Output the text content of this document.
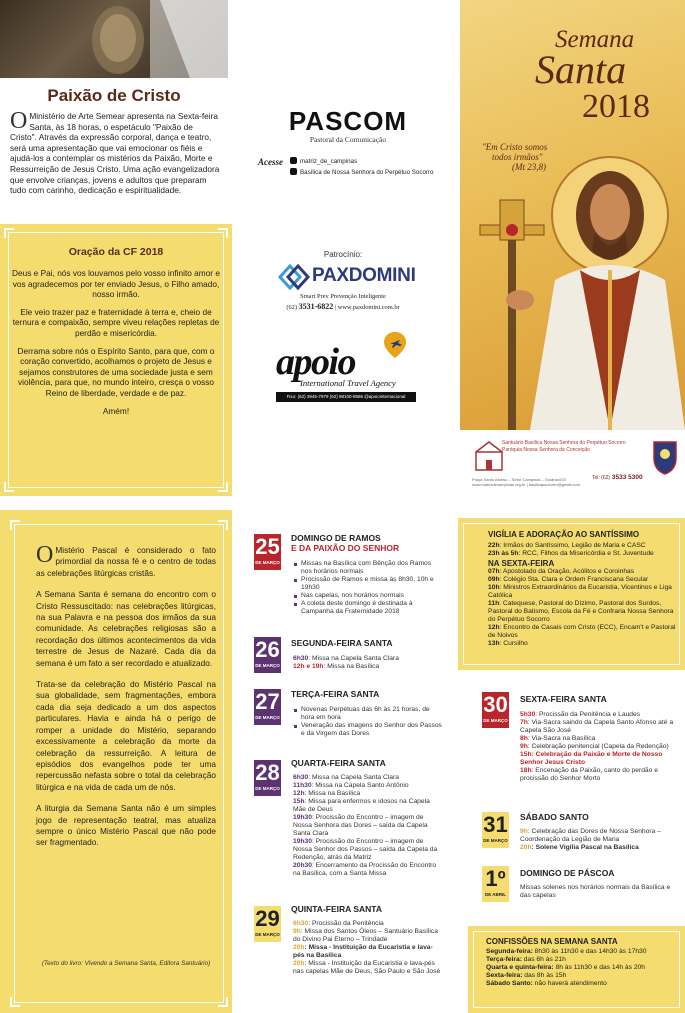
Paixão de Cristo
O Ministério de Arte Semear apresenta na Sexta-feira Santa, às 18 horas, o espetáculo "Paixão de Cristo". Através da expressão corporal, dança e teatro, será uma apresentação que vai emocionar os fiéis e ajudá-los a contemplar os mistérios da Paixão, Morte e Ressurreição de Jesus Cristo. Uma ação evangelizadora que envolve crianças, jovens e adultos que preparam tudo com carinho, dedicação e espiritualidade.
Oração da CF 2018

Deus e Pai, nós vos louvamos pelo vosso infinito amor e vos agradecemos por ter enviado Jesus, o Filho amado, nosso irmão.

Ele veio trazer paz e fraternidade à terra e, cheio de ternura e compaixão, sempre viveu relações repletas de perdão e misericórdia.

Derrama sobre nós o Espírito Santo, para que, com o coração convertido, acolhamos o projeto de Jesus e sejamos construtores de uma sociedade justa e sem violência, para que, no mundo inteiro, cresça o vosso Reino de liberdade, verdade e de paz.

Amém!

O Mistério Pascal é considerado o fato primordial da nossa fé e o centro de todas as celebrações litúrgicas cristãs.

A Semana Santa é semana do encontro com o Cristo Ressuscitado: nas celebrações litúrgicas, na sua Palavra e na pessoa dos irmãos da sua comunidade. As celebrações religiosas são a recordação dos últimos acontecimentos da vida terrestre de Jesus de Nazaré. Cada dia da semana é um fato a ser recordado e atualizado.

Trata-se da celebração do Mistério Pascal na sua globalidade, sem fragmentações, embora cada dia seja dedicado a um dos aspectos particulares. Havia e ainda há o perigo de romper a unidade do Mistério, separando excessivamente a celebração da morte da celebração da ressurreição. A leitura de episódios dos evangelhos pode ter uma repercussão nefasta sobre o total da celebração litúrgica e na vida de cada um de nós.

A liturgia da Semana Santa não é um simples jogo de representação teatral, mas atualiza sempre o único Mistério Pascal que não pode ser fragmentado.

(Texto do livro: Vivendo a Semana Santa, Editora Santuário)
PASCOM
Pastoral da Comunicação
Acesse	matriz_de_campinas
Basílica de Nossa Senhora do Perpétuo Socorro
Patrocínio:
PAXDOMINI
Smart Prev Prevenção Inteligente
(62) 3531-6822 | www.paxdomini.com.br
apoio
International Travel Agency
Fixo: (62) 3945-7979 (62) 98100-8586 @apoiointernacional
Semana
Santa
2018
"Em Cristo somos
todos irmãos"
(Mt 23,8)
Santuário Basílica Nossa Senhora do Perpétuo Socorro
Paróquia Nossa Senhora da Conceição
Praça Santo Afonso – Setor Campinas – Goiânia/GO
www.matrizdecampinas.org.br | basilicapsocorro@gmail.com
Tel: (62) 3533 5300
25
DE MARÇO
DOMINGO DE RAMOS
E DA PAIXÃO DO SENHOR
Missas na Basílica com Bênção dos Ramos nos horários normais
Procissão de Ramos e missa às 8h30, 10h e 19h30
Nas capelas, nos horários normais
A coleta deste domingo é destinada à Campanha da Fraternidade 2018
26
DE MARÇO
SEGUNDA-FEIRA SANTA
6h30: Missa na Capela Santa Clara
12h e 19h: Missa na Basílica
27
DE MARÇO
TERÇA-FEIRA SANTA
Novenas Perpétuas das 6h às 21 horas, de hora em hora
Veneração das imagens do Senhor dos Passos e da Virgem das Dores
28
DE MARÇO
QUARTA-FEIRA SANTA
6h30: Missa na Capela Santa Clara
11h30: Missa na Capela Santo Antônio
12h: Missa na Basílica
15h: Missa para enfermos e idosos na Capela Mãe de Deus
19h30: Procissão do Encontro – imagem de Nossa Senhora das Dores – saída da Capela Santa Clara
19h30: Procissão do Encontro – imagem de Nossa Senhor dos Passos – saída da Capela da Redenção, atrás da Matriz
20h30: Encerramento da Procissão do Encontro na Basílica, com a Santa Missa
29
DE MARÇO
QUINTA-FEIRA SANTA
6h30: Procissão da Penitência
9h: Missa dos Santos Óleos – Santuário Basílica do Divino Pai Eterno – Trindade
20h: Missa - Instituição da Eucaristia e lava-pés na Basílica
20h: Missa - Instituição da Eucaristia e lava-pés nas capelas Mãe de Deus, São Paulo e São José
VIGÍLIA E ADORAÇÃO AO SANTÍSSIMO
22h: Irmãos do Santíssimo, Legião de Maria e CASC
23h às 5h: RCC, Filhos da Misericórdia e St. Juventude
NA SEXTA-FEIRA
07h: Apostolado da Oração, Acólitos e Coroinhas
09h: Colégio Sta. Clara e Ordem Franciscana Secular
10h: Ministros Extraordinários da Eucaristia, Vicentinos e Liga Católica
11h: Catequese, Pastoral do Dízimo, Pastoral dos Surdos, Pastoral do Batismo, Escola da Fé e Confraria Nossa Senhora do Perpétuo Socorro
12h: Encontro de Casais com Cristo (ECC), Encam't e Pastoral de Noivos
13h: Cursilho
30
DE MARÇO
SEXTA-FEIRA SANTA
5h30: Procissão da Penitência e Laudes
7h: Via-Sacra saindo da Capela Santo Afonso até a Capela São José
8h: Via-Sacra na Basílica
9h: Celebração penitencial (Capela da Redenção)
15h: Celebração da Paixão e Morte de Nosso Senhor Jesus Cristo
18h: Encenação da Paixão, canto do perdão e procissão do Senhor Morto
31
DE MARÇO
SÁBADO SANTO
9h: Celebração das Dores de Nossa Senhora – Coordenação da Legião de Maria
20h: Solene Vigília Pascal na Basílica
1º
DE ABRIL
DOMINGO DE PÁSCOA
Missas solenes nos horários normais da Basílica e das capelas
CONFISSÕES NA SEMANA SANTA
Segunda-feira: 8h30 às 11h30 e das 14h30 às 17h30
Terça-feira: das 6h às 21h
Quarta e quinta-feira: 8h às 11h30 e das 14h às 20h
Sexta-feira: das 8h às 15h
Sábado Santo: não haverá atendimento
